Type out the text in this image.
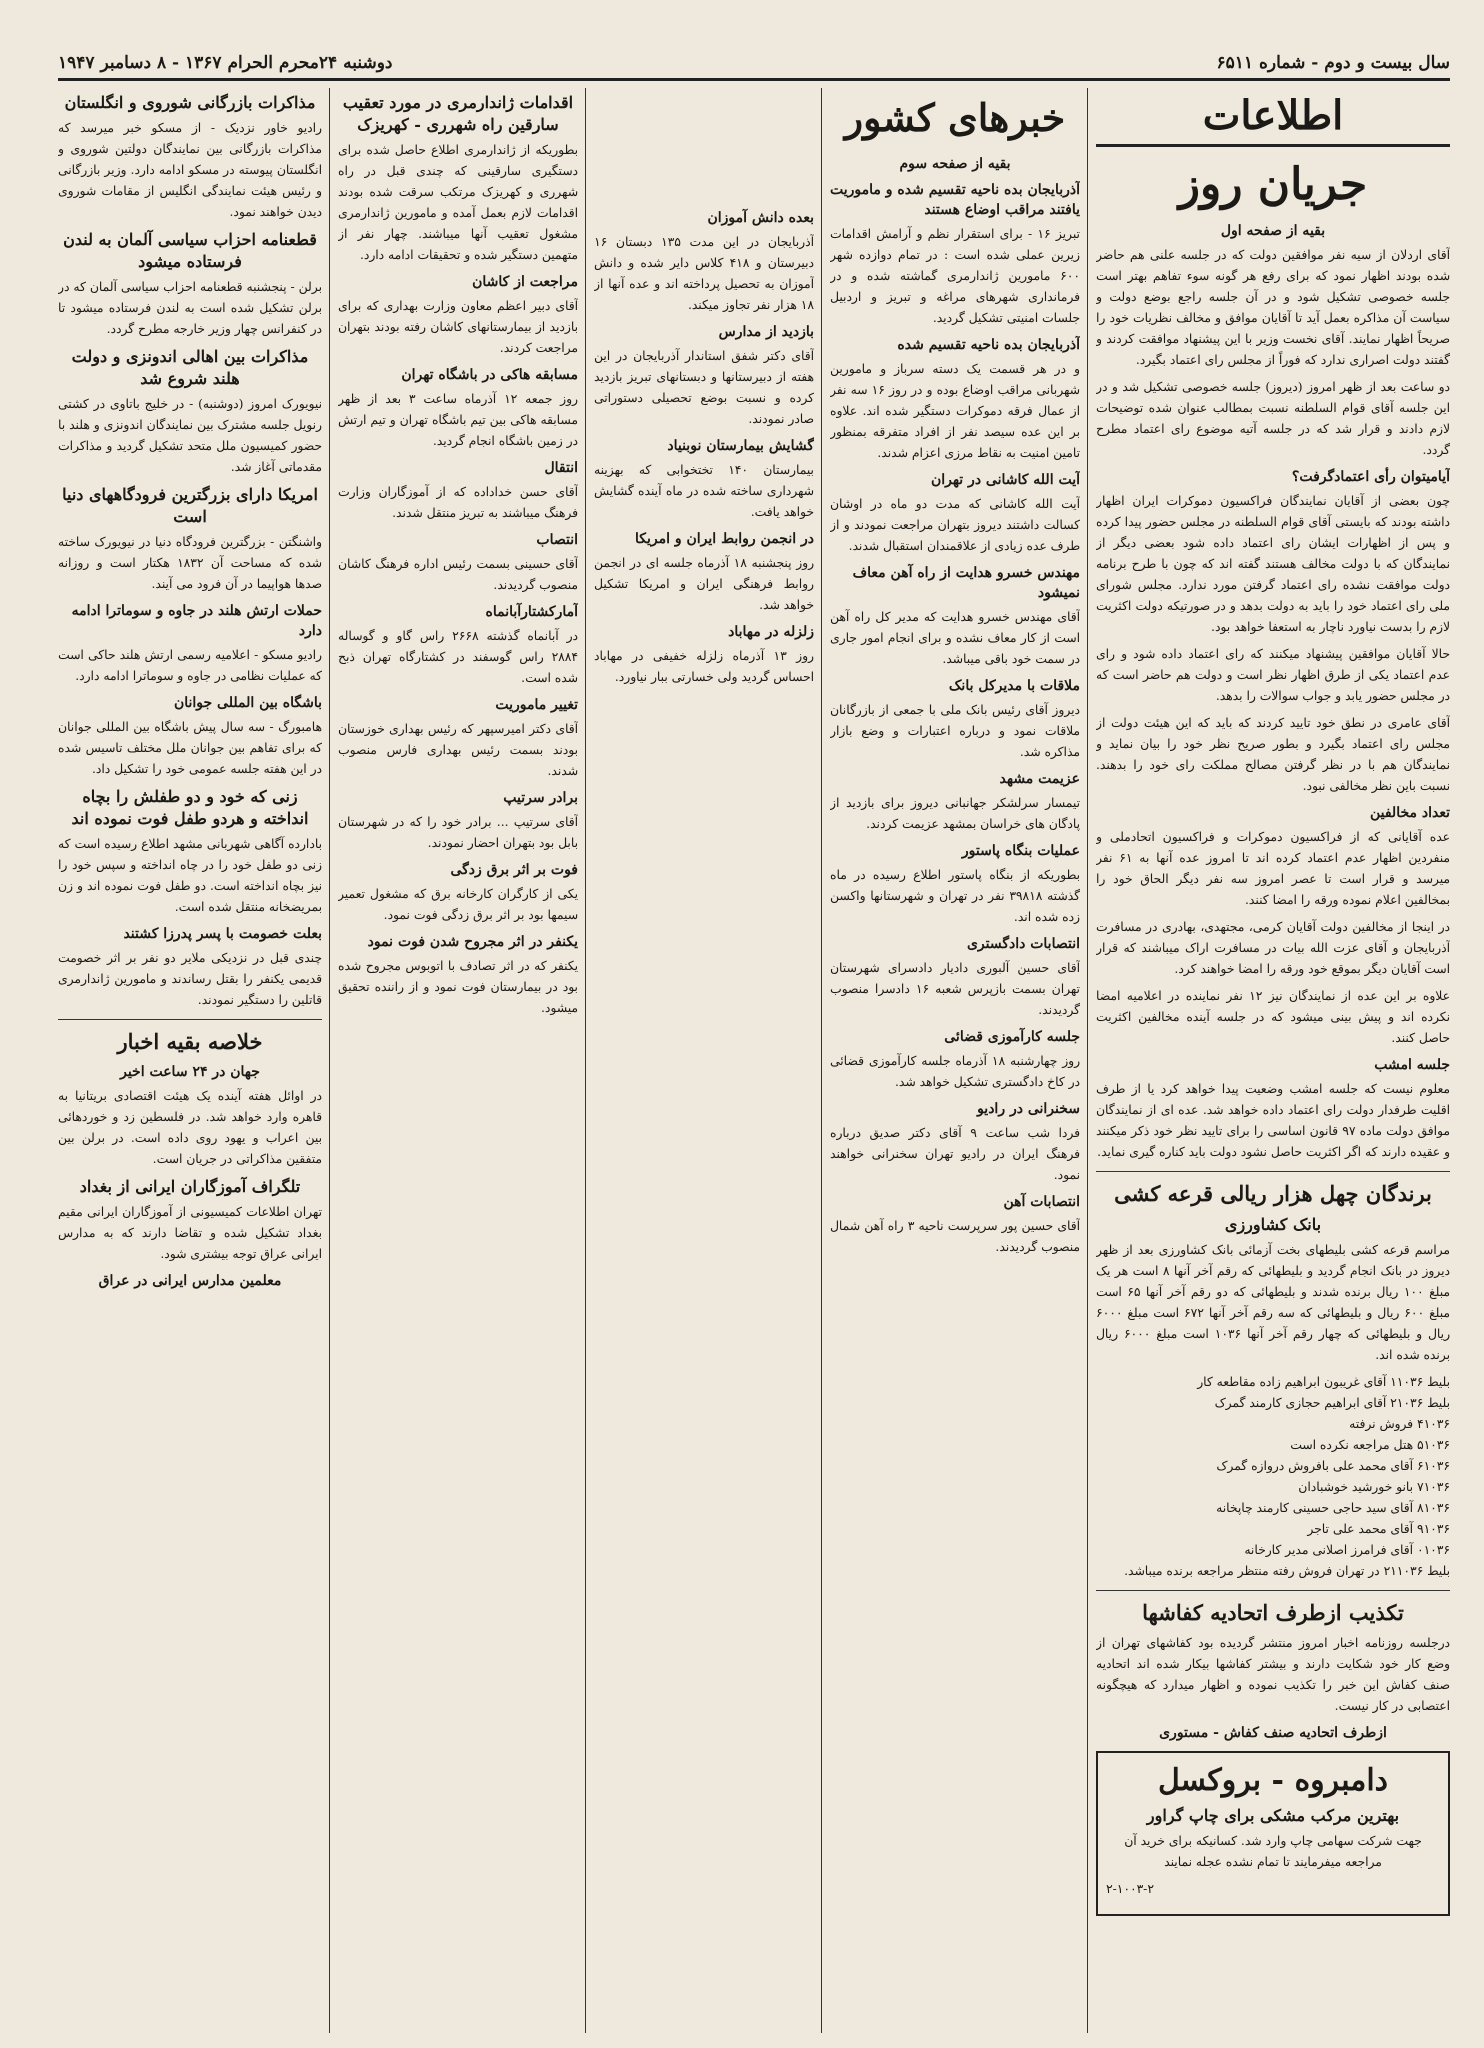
سال بیست و دوم - شماره ۶۵۱۱
دوشنبه ۲۴محرم الحرام ۱۳۶۷ - ۸ دسامبر ۱۹۴۷
اطلاعات
جریان روز
بقیه از صفحه اول

آقای اردلان از سیه نفر موافقین دولت که در جلسه علنی هم حاضر شده بودند اظهار نمود که برای رفع هر گونه سوء تفاهم بهتر است جلسه خصوصی تشکیل شود و در آن جلسه راجع بوضع دولت و سیاست آن مذاکره بعمل آید تا آقایان موافق و مخالف نظریات خود را صریحاً اظهار نمایند. آقای نخست وزیر با این پیشنهاد موافقت کردند و گفتند دولت اصراری ندارد که فوراً از مجلس رای اعتماد بگیرد.

دو ساعت بعد از ظهر امروز (دیروز) جلسه خصوصی تشکیل شد و در این جلسه آقای قوام السلطنه نسبت بمطالب عنوان شده توضیحات لازم دادند و قرار شد که در جلسه آتیه موضوع رای اعتماد مطرح گردد.

آیامیتوان رأی اعتمادگرفت؟

چون بعضی از آقایان نمایندگان فراکسیون دموکرات ایران اظهار داشته بودند که بایستی آقای قوام السلطنه در مجلس حضور پیدا کرده و پس از اظهارات ایشان رای اعتماد داده شود بعضی دیگر از نمایندگان که با دولت مخالف هستند گفته اند که چون با طرح برنامه دولت موافقت نشده رای اعتماد گرفتن مورد ندارد. مجلس شورای ملی رای اعتماد خود را باید به دولت بدهد و در صورتیکه دولت اکثریت لازم را بدست نیاورد ناچار به استعفا خواهد بود.

حالا آقایان موافقین پیشنهاد میکنند که رای اعتماد داده شود و رای عدم اعتماد یکی از طرق اظهار نظر است و دولت هم حاضر است که در مجلس حضور یابد و جواب سوالات را بدهد.

آقای عامری در نطق خود تایید کردند که باید که این هیئت دولت از مجلس رای اعتماد بگیرد و بطور صریح نظر خود را بیان نماید و نمایندگان هم با در نظر گرفتن مصالح مملکت رای خود را بدهند. نسبت باین نظر مخالفی نبود.

تعداد مخالفین

عده آقایانی که از فراکسیون دموکرات و فراکسیون اتحادملی و منفردین اظهار عدم اعتماد کرده اند تا امروز عده آنها به ۶۱ نفر میرسد و قرار است تا عصر امروز سه نفر دیگر الحاق خود را بمخالفین اعلام نموده ورقه را امضا کنند.

در اینجا از مخالفین دولت آقایان کرمی، مجتهدی، بهادری در مسافرت آذربایجان و آقای عزت الله بیات در مسافرت اراک میباشند که قرار است آقایان دیگر بموقع خود ورقه را امضا خواهند کرد.

علاوه بر این عده از نمایندگان نیز ۱۲ نفر نماینده در اعلامیه امضا نکرده اند و پیش بینی میشود که در جلسه آینده مخالفین اکثریت حاصل کنند.

جلسه امشب

معلوم نیست که جلسه امشب وضعیت پیدا خواهد کرد یا از طرف اقلیت طرفدار دولت رای اعتماد داده خواهد شد. عده ای از نمایندگان موافق دولت ماده ۹۷ قانون اساسی را برای تایید نظر خود ذکر میکنند و عقیده دارند که اگر اکثریت حاصل نشود دولت باید کناره گیری نماید.

برندگان چهل هزار ریالی قرعه کشی
بانک کشاورزی

مراسم قرعه کشی بلیطهای بخت آزمائی بانک کشاورزی بعد از ظهر دیروز در بانک انجام گردید و بلیطهائی که رقم آخر آنها ۸ است هر یک مبلغ ۱۰۰ ریال برنده شدند و بلیطهائی که دو رقم آخر آنها ۶۵ است مبلغ ۶۰۰ ریال و بلیطهائی که سه رقم آخر آنها ۶۷۲ است مبلغ ۶۰۰۰ ریال و بلیطهائی که چهار رقم آخر آنها ۱۰۳۶ است مبلغ ۶۰۰۰ ریال برنده شده اند.

بلیط ۱۱۰۳۶ آقای غریبون ابراهیم زاده مقاطعه کار
بلیط ۲۱۰۳۶ آقای ابراهیم حجازی کارمند گمرک
۴۱۰۳۶ فروش نرفته
۵۱۰۳۶ هتل مراجعه نکرده است
۶۱۰۳۶ آقای محمد علی بافروش دروازه گمرک
۷۱۰۳۶ بانو خورشید خوشبادان
۸۱۰۳۶ آقای سید حاجی حسینی کارمند چاپخانه
۹۱۰۳۶ آقای محمد علی تاجر
۰۱۰۳۶ آقای فرامرز اصلانی مدیر کارخانه

بلیط ۲۱۱۰۳۶ در تهران فروش رفته منتظر مراجعه برنده میباشد.

تکذیب ازطرف اتحادیه کفاشها

درجلسه روزنامه اخبار امروز منتشر گردیده بود کفاشهای تهران از وضع کار خود شکایت دارند و بیشتر کفاشها بیکار شده اند اتحادیه صنف کفاش این خبر را تکذیب نموده و اظهار میدارد که هیچگونه اعتصابی در کار نیست.

ازطرف اتحادیه صنف کفاش - مستوری
دامبروه - بروکسل
بهترین مرکب مشکی برای چاپ گراور

جهت شرکت سهامی چاپ وارد شد. کسانیکه برای خرید آن مراجعه میفرمایند تا تمام نشده عجله نمایند

۲-۱۰۰۳-۲
خبرهای کشور
بقیه از صفحه سوم
آذربایجان بده ناحیه تقسیم شده و ماموریت یافتند مراقب اوضاع هستند

تبریز ۱۶ - برای استقرار نظم و آرامش اقدامات زیرین عملی شده است : در تمام دوازده شهر ۶۰۰ مامورین ژاندارمری گماشته شده و در فرمانداری شهرهای مراغه و تبریز و اردبیل جلسات امنیتی تشکیل گردید.

آذربایجان بده ناحیه تقسیم شده

و در هر قسمت یک دسته سرباز و مامورین شهربانی مراقب اوضاع بوده و در روز ۱۶ سه نفر از عمال فرقه دموکرات دستگیر شده اند. علاوه بر این عده سیصد نفر از افراد متفرقه بمنظور تامین امنیت به نقاط مرزی اعزام شدند.

آیت الله کاشانی در تهران

آیت الله کاشانی که مدت دو ماه در اوشان کسالت داشتند دیروز بتهران مراجعت نمودند و از طرف عده زیادی از علاقمندان استقبال شدند.

مهندس خسرو هدایت از راه آهن معاف نمیشود

آقای مهندس خسرو هدایت که مدیر کل راه آهن است از کار معاف نشده و برای انجام امور جاری در سمت خود باقی میباشد.

ملاقات با مدیرکل بانک

دیروز آقای رئیس بانک ملی با جمعی از بازرگانان ملاقات نمود و درباره اعتبارات و وضع بازار مذاکره شد.

عزیمت مشهد

تیمسار سرلشکر جهانبانی دیروز برای بازدید از پادگان های خراسان بمشهد عزیمت کردند.

عملیات بنگاه پاستور

بطوریکه از بنگاه پاستور اطلاع رسیده در ماه گذشته ۳۹۸۱۸ نفر در تهران و شهرستانها واکسن زده شده اند.

انتصابات دادگستری

آقای حسین آلبوری دادیار دادسرای شهرستان تهران بسمت بازپرس شعبه ۱۶ دادسرا منصوب گردیدند.

جلسه کارآموزی قضائی

روز چهارشنبه ۱۸ آذرماه جلسه کارآموزی قضائی در کاخ دادگستری تشکیل خواهد شد.

سخنرانی در رادیو

فردا شب ساعت ۹ آقای دکتر صدیق درباره فرهنگ ایران در رادیو تهران سخنرانی خواهند نمود.

انتصابات آهن

آقای حسین پور سرپرست ناحیه ۳ راه آهن شمال منصوب گردیدند.

بعده دانش آموزان

آذربایجان در این مدت ۱۳۵ دبستان ۱۶ دبیرستان و ۴۱۸ کلاس دایر شده و دانش آموزان به تحصیل پرداخته اند و عده آنها از ۱۸ هزار نفر تجاوز میکند.

بازدید از مدارس

آقای دکتر شفق استاندار آذربایجان در این هفته از دبیرستانها و دبستانهای تبریز بازدید کرده و نسبت بوضع تحصیلی دستوراتی صادر نمودند.

گشایش بیمارستان نوبنیاد

بیمارستان ۱۴۰ تختخوابی که بهزینه شهرداری ساخته شده در ماه آینده گشایش خواهد یافت.

در انجمن روابط ایران و امریکا

روز پنجشنبه ۱۸ آذرماه جلسه ای در انجمن روابط فرهنگی ایران و امریکا تشکیل خواهد شد.

زلزله در مهاباد

روز ۱۳ آذرماه زلزله خفیفی در مهاباد احساس گردید ولی خسارتی ببار نیاورد.

اقدامات ژاندارمری در مورد تعقیب سارقین راه شهرری - کهریزک

بطوریکه از ژاندارمری اطلاع حاصل شده برای دستگیری سارقینی که چندی قبل در راه شهرری و کهریزک مرتکب سرقت شده بودند اقدامات لازم بعمل آمده و مامورین ژاندارمری مشغول تعقیب آنها میباشند. چهار نفر از متهمین دستگیر شده و تحقیقات ادامه دارد.

مراجعت از کاشان

آقای دبیر اعظم معاون وزارت بهداری که برای بازدید از بیمارستانهای کاشان رفته بودند بتهران مراجعت کردند.

مسابقه هاکی در باشگاه تهران

روز جمعه ۱۲ آذرماه ساعت ۳ بعد از ظهر مسابقه هاکی بین تیم باشگاه تهران و تیم ارتش در زمین باشگاه انجام گردید.

انتقال

آقای حسن خداداده که از آموزگاران وزارت فرهنگ میباشند به تبریز منتقل شدند.

انتصاب

آقای حسینی بسمت رئیس اداره فرهنگ کاشان منصوب گردیدند.

آمارکشتارآبانماه

در آبانماه گذشته ۲۶۶۸ راس گاو و گوساله ۲۸۸۴ راس گوسفند در کشتارگاه تهران ذبح شده است.

تغییر ماموریت

آقای دکتر امیرسپهر که رئیس بهداری خوزستان بودند بسمت رئیس بهداری فارس منصوب شدند.

برادر سرتیپ

آقای سرتیپ ... برادر خود را که در شهرستان بابل بود بتهران احضار نمودند.

فوت بر اثر برق زدگی

یکی از کارگران کارخانه برق که مشغول تعمیر سیمها بود بر اثر برق زدگی فوت نمود.

یکنفر در اثر مجروح شدن فوت نمود

یکنفر که در اثر تصادف با اتوبوس مجروح شده بود در بیمارستان فوت نمود و از راننده تحقیق میشود.

مذاکرات بازرگانی شوروی و انگلستان

رادیو خاور نزدیک - از مسکو خبر میرسد که مذاکرات بازرگانی بین نمایندگان دولتین شوروی و انگلستان پیوسته در مسکو ادامه دارد. وزیر بازرگانی و رئیس هیئت نمایندگی انگلیس از مقامات شوروی دیدن خواهند نمود.

قطعنامه احزاب سیاسی آلمان به لندن فرستاده میشود

برلن - پنجشنبه قطعنامه احزاب سیاسی آلمان که در برلن تشکیل شده است به لندن فرستاده میشود تا در کنفرانس چهار وزیر خارجه مطرح گردد.

مذاکرات بین اهالی اندونزی و دولت هلند شروع شد

نیویورک امروز (دوشنبه) - در خلیج باتاوی در کشتی رنویل جلسه مشترک بین نمایندگان اندونزی و هلند با حضور کمیسیون ملل متحد تشکیل گردید و مذاکرات مقدماتی آغاز شد.

امریکا دارای بزرگترین فرودگاههای دنیا است

واشنگتن - بزرگترین فرودگاه دنیا در نیویورک ساخته شده که مساحت آن ۱۸۳۲ هکتار است و روزانه صدها هواپیما در آن فرود می آیند.

حملات ارتش هلند در جاوه و سوماترا ادامه دارد

رادیو مسکو - اعلامیه رسمی ارتش هلند حاکی است که عملیات نظامی در جاوه و سوماترا ادامه دارد.

باشگاه بین المللی جوانان

هامبورگ - سه سال پیش باشگاه بین المللی جوانان که برای تفاهم بین جوانان ملل مختلف تاسیس شده در این هفته جلسه عمومی خود را تشکیل داد.

زنی که خود و دو طفلش را بچاه انداخته و هردو طفل فوت نموده اند

بادارده آگاهی شهربانی مشهد اطلاع رسیده است که زنی دو طفل خود را در چاه انداخته و سپس خود را نیز بچاه انداخته است. دو طفل فوت نموده اند و زن بمریضخانه منتقل شده است.

بعلت خصومت با پسر پدرزا کشتند

چندی قبل در نزدیکی ملایر دو نفر بر اثر خصومت قدیمی یکنفر را بقتل رساندند و مامورین ژاندارمری قاتلین را دستگیر نمودند.

خلاصه بقیه اخبار
جهان در ۲۴ ساعت اخیر

در اوائل هفته آینده یک هیئت اقتصادی بریتانیا به قاهره وارد خواهد شد. در فلسطین زد و خوردهائی بین اعراب و یهود روی داده است. در برلن بین متفقین مذاکراتی در جریان است.

تلگراف آموزگاران ایرانی از بغداد

تهران اطلاعات کمیسیونی از آموزگاران ایرانی مقیم بغداد تشکیل شده و تقاضا دارند که به مدارس ایرانی عراق توجه بیشتری شود.

معلمین مدارس ایرانی در عراق
